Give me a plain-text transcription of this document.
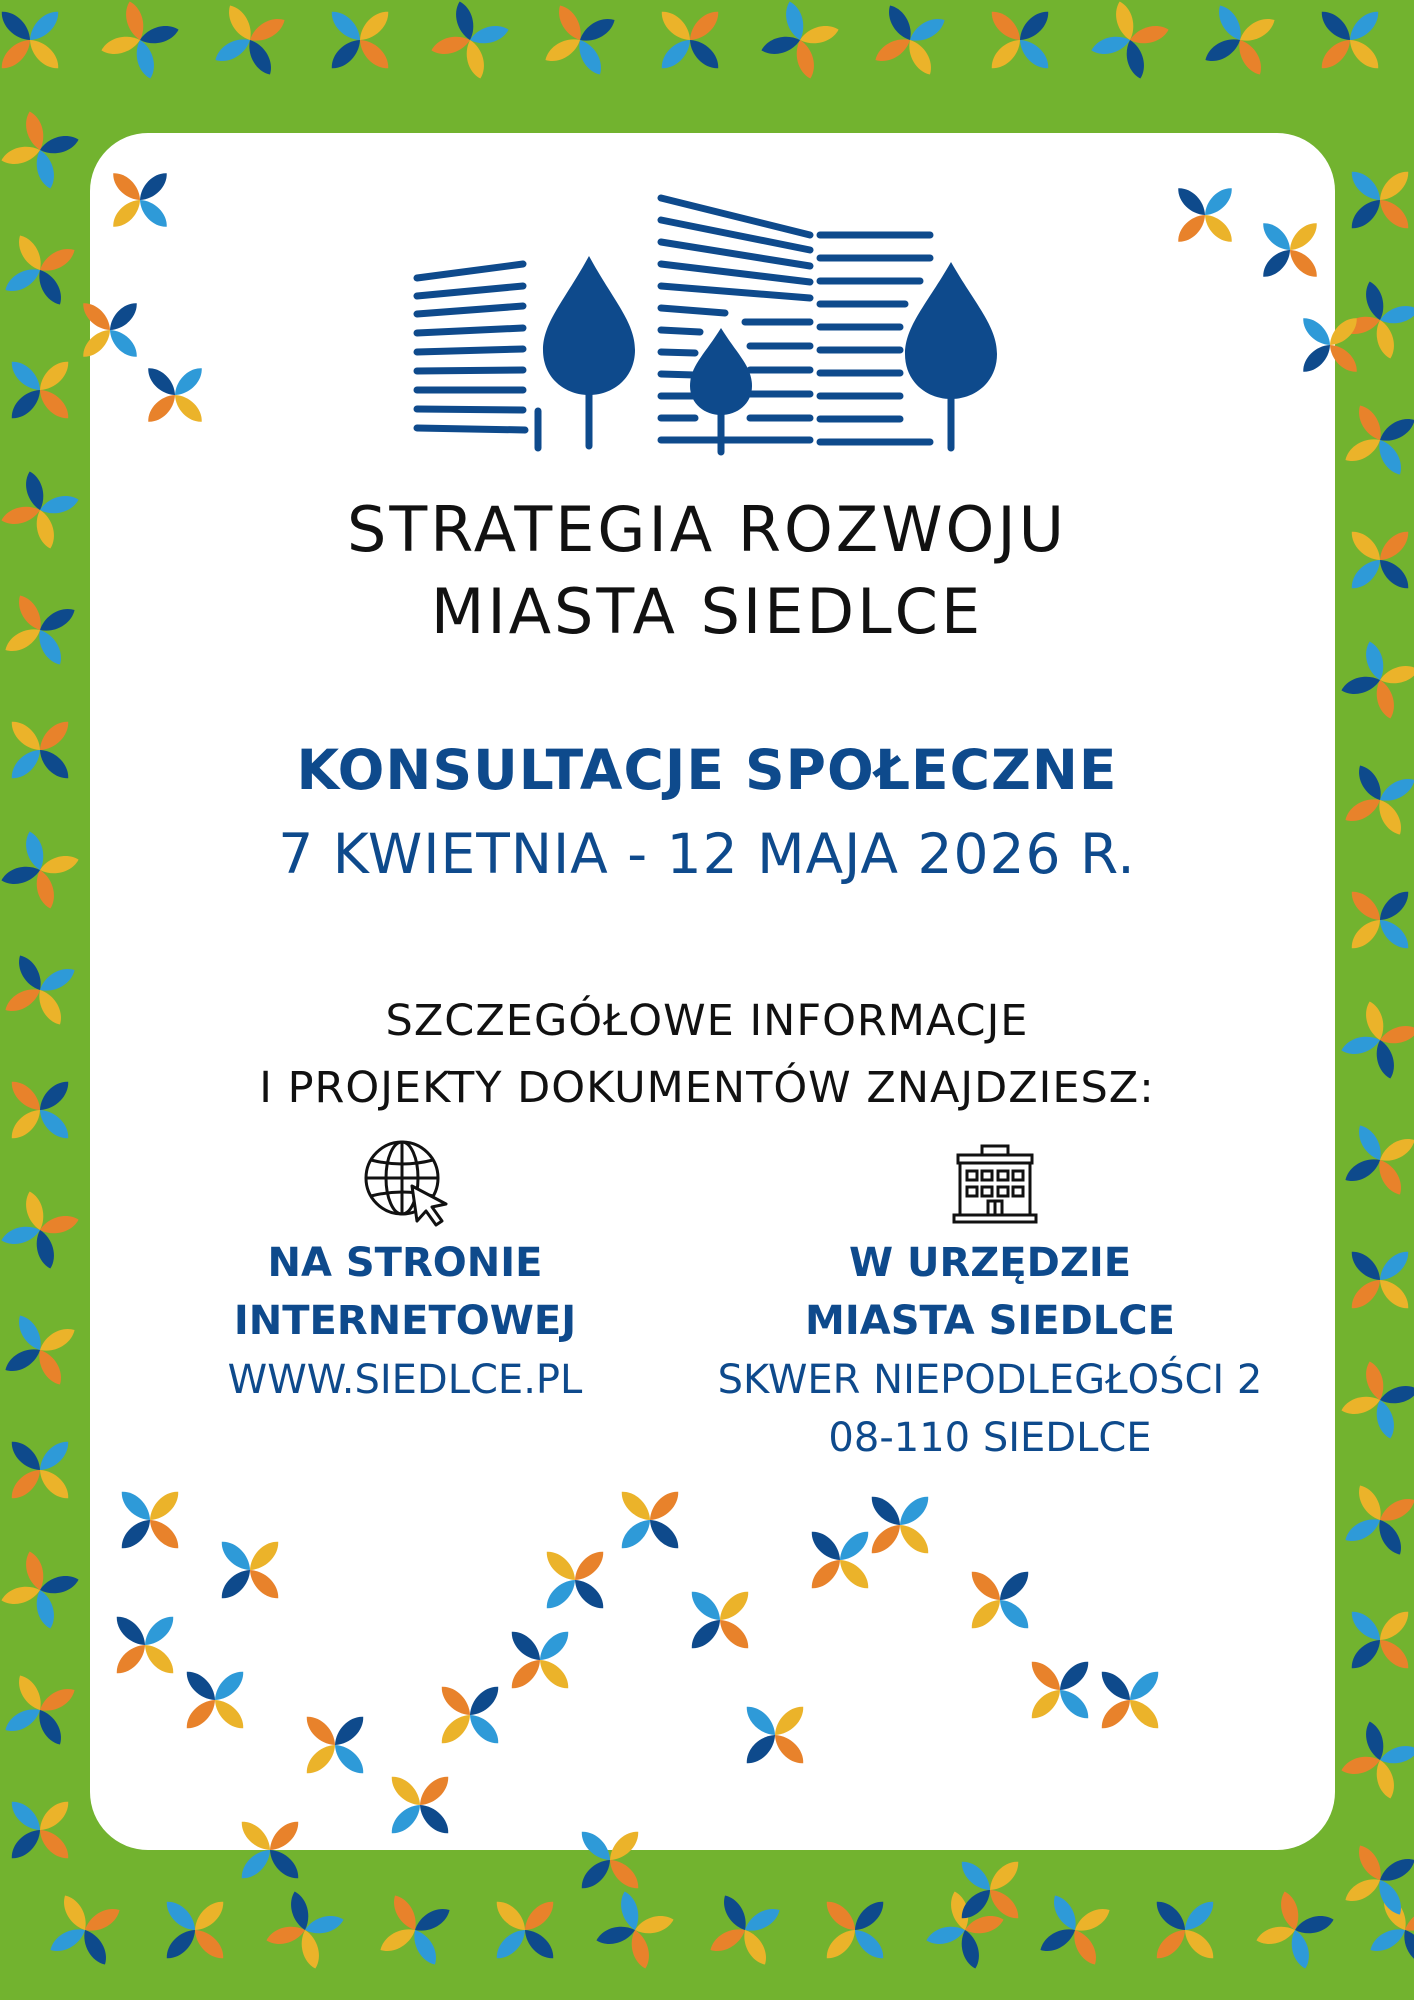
STRATEGIA ROZWOJU
MIASTA SIEDLCE
KONSULTACJE SPOŁECZNE
7 KWIETNIA - 12 MAJA 2026 R.
SZCZEGÓŁOWE INFORMACJE
I PROJEKTY DOKUMENTÓW ZNAJDZIESZ:
NA STRONIE
INTERNETOWEJ
WWW.SIEDLCE.PL
W URZĘDZIE
MIASTA SIEDLCE
SKWER NIEPODLEGŁOŚCI 2
08-110 SIEDLCE
